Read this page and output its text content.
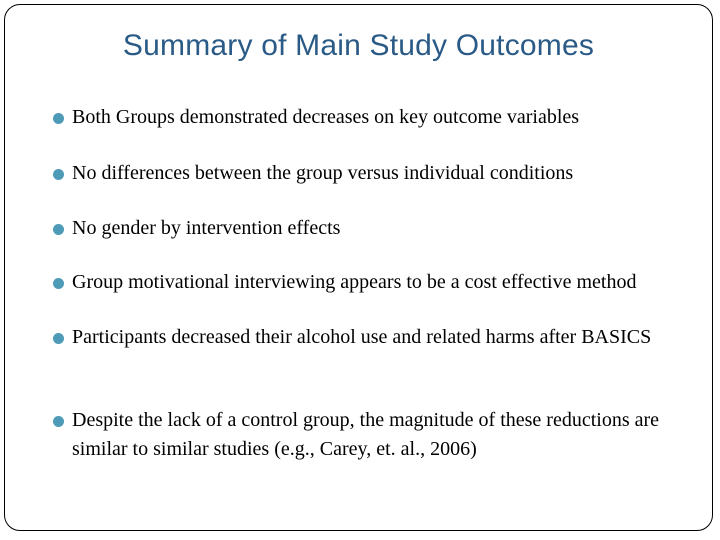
Summary of Main Study Outcomes
Both Groups demonstrated decreases on key outcome variables
No differences between the group versus individual conditions
No gender by intervention effects
Group motivational interviewing appears to be a cost effective method
Participants decreased their alcohol use and related harms after BASICS
Despite the lack of a control group, the magnitude of these reductions are similar to similar studies (e.g., Carey, et. al., 2006)
